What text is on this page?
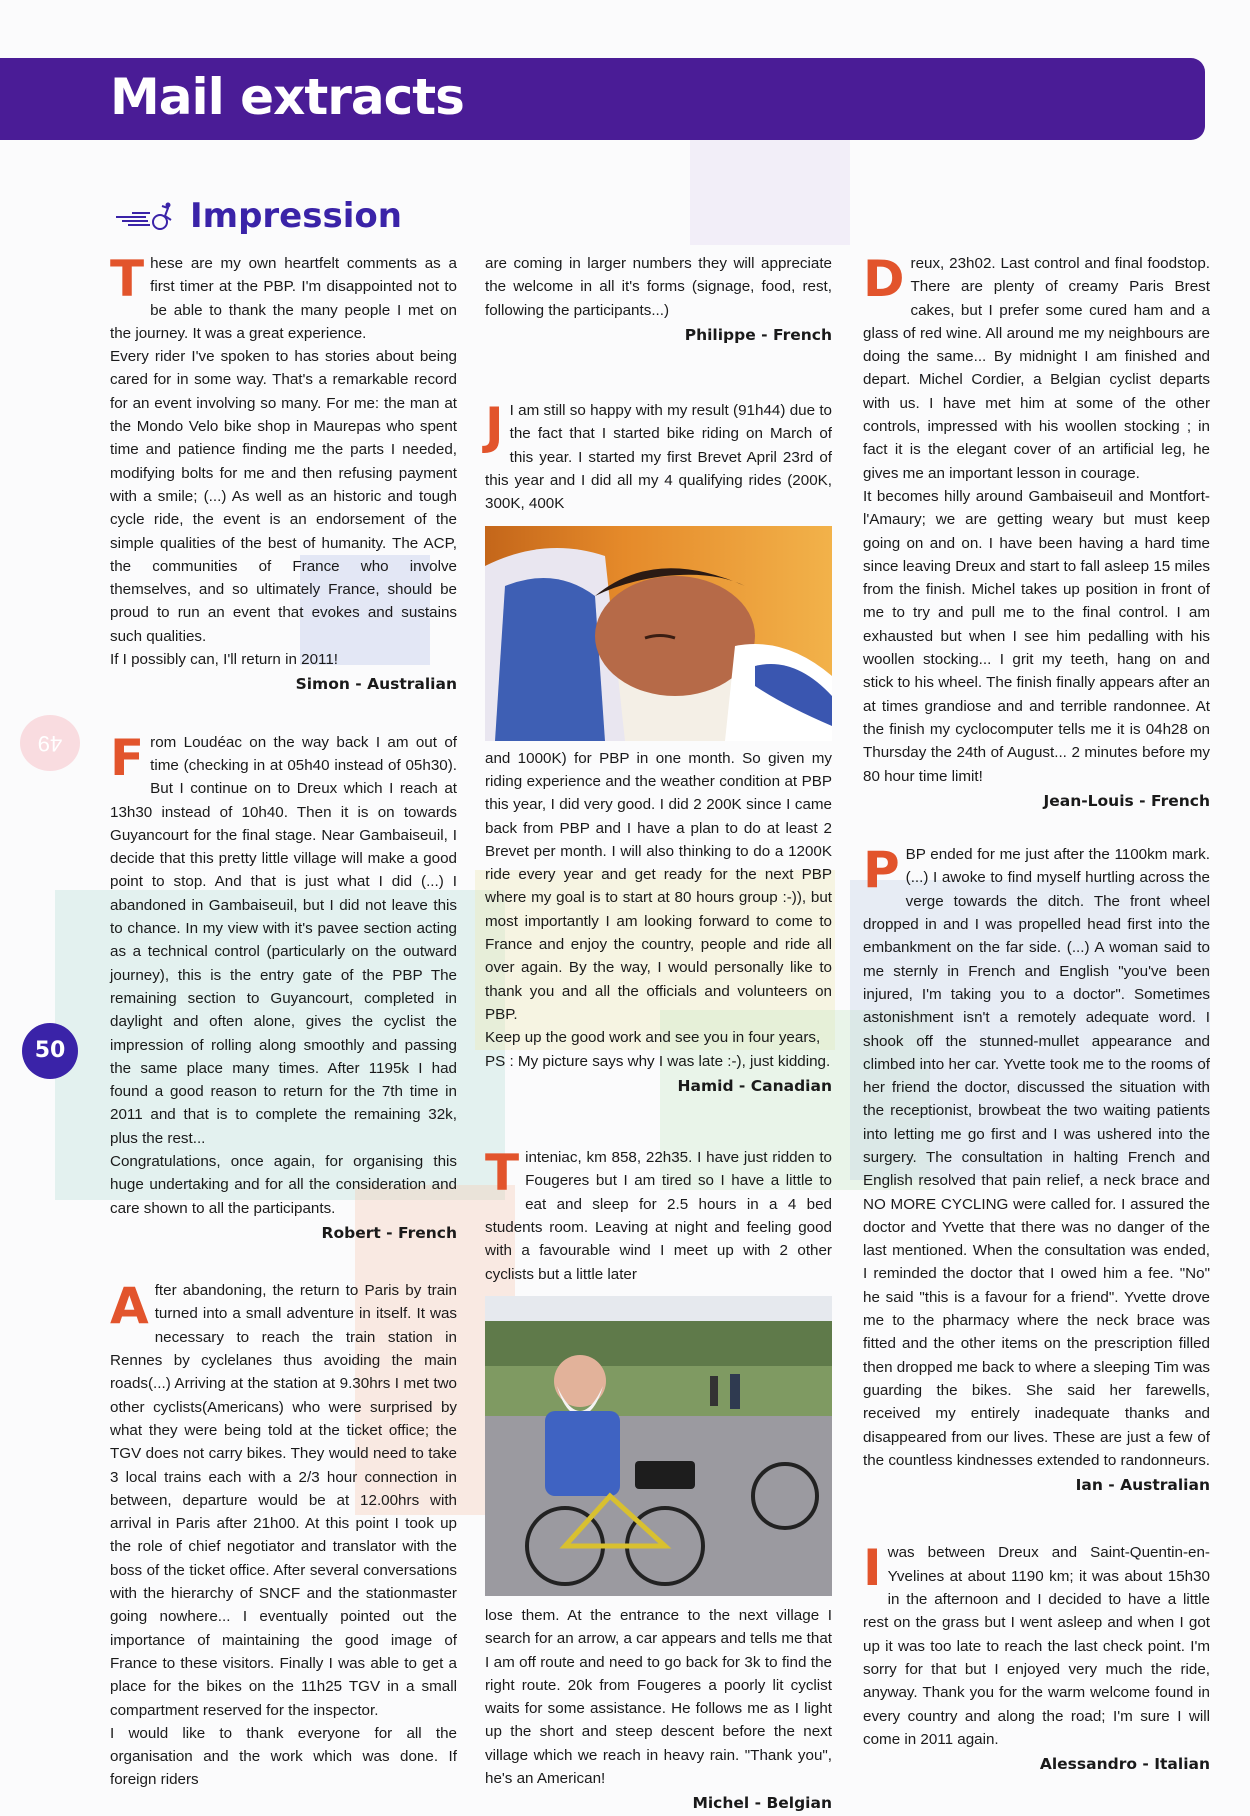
Mail extracts
Impression
49
50

These are my own heartfelt comments as a first timer at the PBP. I'm disappointed not to be able to thank the many people I met on the journey. It was a great experience.

Every rider I've spoken to has stories about being cared for in some way. That's a remarkable record for an event involving so many. For me: the man at the Mondo Velo bike shop in Maurepas who spent time and patience finding me the parts I needed, modifying bolts for me and then refusing payment with a smile; (...) As well as an historic and tough cycle ride, the event is an endorsement of the simple qualities of the best of humanity. The ACP, the communities of France who involve themselves, and so ultimately France, should be proud to run an event that evokes and sustains such qualities.

If I possibly can, I'll return in 2011!

Simon - Australian

From Loudéac on the way back I am out of time (checking in at 05h40 instead of 05h30). But I continue on to Dreux which I reach at 13h30 instead of 10h40. Then it is on towards Guyancourt for the final stage. Near Gambaiseuil, I decide that this pretty little village will make a good point to stop. And that is just what I did (...) I abandoned in Gambaiseuil, but I did not leave this to chance. In my view with it's pavee section acting as a technical control (particularly on the outward journey), this is the entry gate of the PBP The remaining section to Guyancourt, completed in daylight and often alone, gives the cyclist the impression of rolling along smoothly and passing the same place many times. After 1195k I had found a good reason to return for the 7th time in 2011 and that is to complete the remaining 32k, plus the rest...

Congratulations, once again, for organising this huge undertaking and for all the consideration and care shown to all the participants.

Robert - French

After abandoning, the return to Paris by train turned into a small adventure in itself. It was necessary to reach the train station in Rennes by cyclelanes thus avoiding the main roads(...) Arriving at the station at 9.30hrs I met two other cyclists(Americans) who were surprised by what they were being told at the ticket office; the TGV does not carry bikes. They would need to take 3 local trains each with a 2/3 hour connection in between, departure would be at 12.00hrs with arrival in Paris after 21h00. At this point I took up the role of chief negotiator and translator with the boss of the ticket office. After several conversations with the hierarchy of SNCF and the stationmaster going nowhere... I eventually pointed out the importance of maintaining the good image of France to these visitors. Finally I was able to get a place for the bikes on the 11h25 TGV in a small compartment reserved for the inspector.

I would like to thank everyone for all the organisation and the work which was done. If foreign riders

are coming in larger numbers they will appreciate the welcome in all it's forms (signage, food, rest, following the participants...)

Philippe - French

J I am still so happy with my result (91h44) due to the fact that I started bike riding on March of this year. I started my first Brevet April 23rd of this year and I did all my 4 qualifying rides (200K, 300K, 400K

and 1000K) for PBP in one month. So given my riding experience and the weather condition at PBP this year, I did very good. I did 2 200K since I came back from PBP and I have a plan to do at least 2 Brevet per month. I will also thinking to do a 1200K ride every year and get ready for the next PBP where my goal is to start at 80 hours group :-)), but most importantly I am looking forward to come to France and enjoy the country, people and ride all over again. By the way, I would personally like to thank you and all the officials and volunteers on PBP.

Keep up the good work and see you in four years,

PS : My picture says why I was late :-), just kidding.

Hamid - Canadian

Tinteniac, km 858, 22h35. I have just ridden to Fougeres but I am tired so I have a little to eat and sleep for 2.5 hours in a 4 bed students room. Leaving at night and feeling good with a favourable wind I meet up with 2 other cyclists but a little later

lose them. At the entrance to the next village I search for an arrow, a car appears and tells me that I am off route and need to go back for 3k to find the right route. 20k from Fougeres a poorly lit cyclist waits for some assistance. He follows me as I light up the short and steep descent before the next village which we reach in heavy rain. "Thank you", he's an American!

Michel - Belgian

Dreux, 23h02. Last control and final foodstop. There are plenty of creamy Paris Brest cakes, but I prefer some cured ham and a glass of red wine. All around me my neighbours are doing the same... By midnight I am finished and depart. Michel Cordier, a Belgian cyclist departs with us. I have met him at some of the other controls, impressed with his woollen stocking ; in fact it is the elegant cover of an artificial leg, he gives me an important lesson in courage.

It becomes hilly around Gambaiseuil and Montfort-l'Amaury; we are getting weary but must keep going on and on. I have been having a hard time since leaving Dreux and start to fall asleep 15 miles from the finish. Michel takes up position in front of me to try and pull me to the final control. I am exhausted but when I see him pedalling with his woollen stocking... I grit my teeth, hang on and stick to his wheel. The finish finally appears after an at times grandiose and and terrible randonnee. At the finish my cyclocomputer tells me it is 04h28 on Thursday the 24th of August... 2 minutes before my 80 hour time limit!

Jean-Louis - French

PBP ended for me just after the 1100km mark. (...) I awoke to find myself hurtling across the verge towards the ditch. The front wheel dropped in and I was propelled head first into the embankment on the far side. (...) A woman said to me sternly in French and English "you've been injured, I'm taking you to a doctor". Sometimes astonishment isn't a remotely adequate word. I shook off the stunned-mullet appearance and climbed into her car. Yvette took me to the rooms of her friend the doctor, discussed the situation with the receptionist, browbeat the two waiting patients into letting me go first and I was ushered into the surgery. The consultation in halting French and English resolved that pain relief, a neck brace and NO MORE CYCLING were called for. I assured the doctor and Yvette that there was no danger of the last mentioned. When the consultation was ended, I reminded the doctor that I owed him a fee. "No" he said "this is a favour for a friend". Yvette drove me to the pharmacy where the neck brace was fitted and the other items on the prescription filled then dropped me back to where a sleeping Tim was guarding the bikes. She said her farewells, received my entirely inadequate thanks and disappeared from our lives. These are just a few of the countless kindnesses extended to randonneurs.

Ian - Australian

Iwas between Dreux and Saint-Quentin-en-Yvelines at about 1190 km; it was about 15h30 in the afternoon and I decided to have a little rest on the grass but I went asleep and when I got up it was too late to reach the last check point. I'm sorry for that but I enjoyed very much the ride, anyway. Thank you for the warm welcome found in every country and along the road; I'm sure I will come in 2011 again.

Alessandro - Italian
